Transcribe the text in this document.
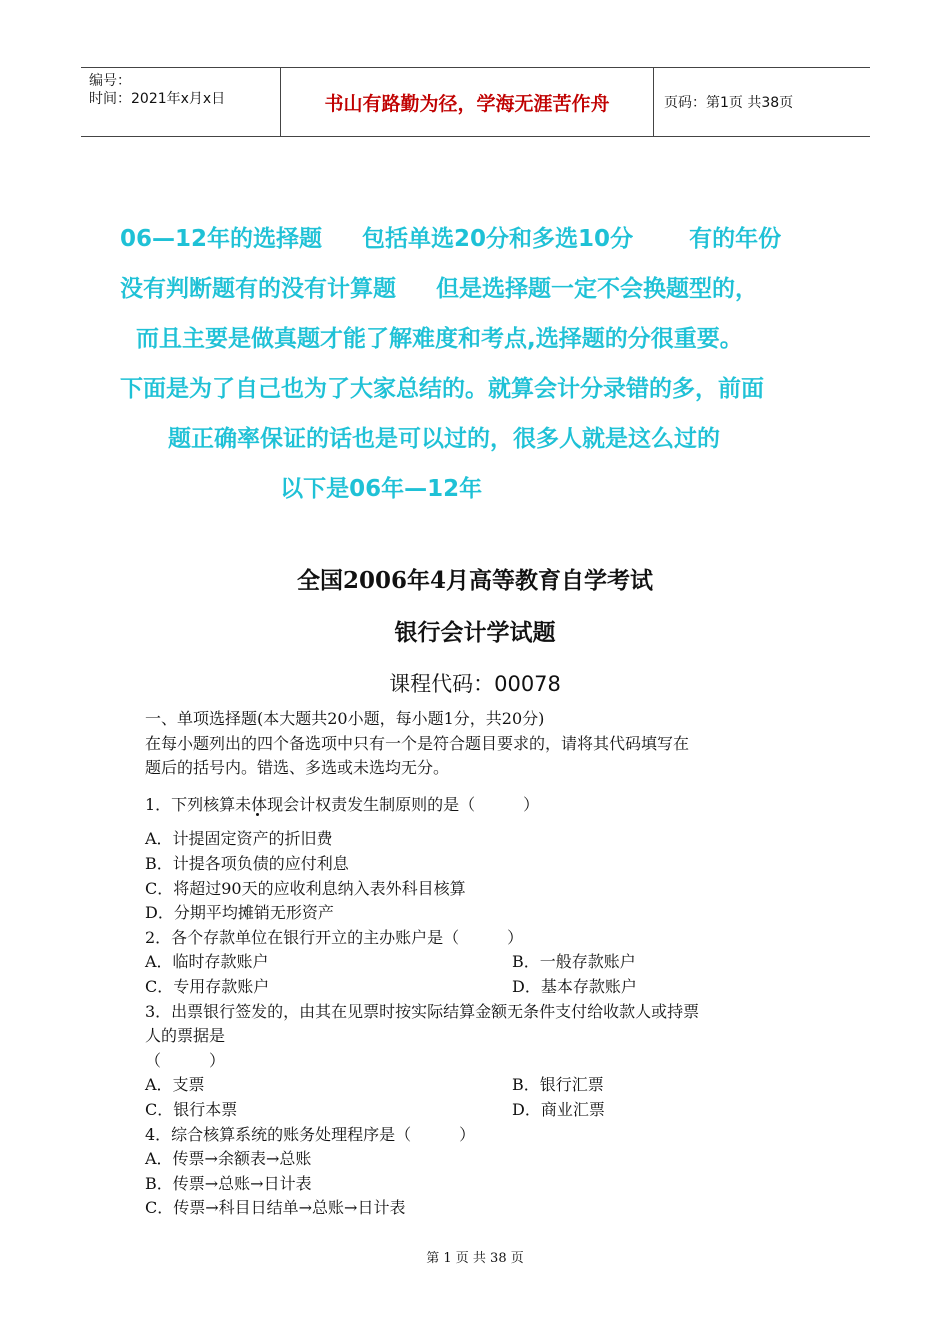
编号：
时间：2021年x月x日	书山有路勤为径，学海无涯苦作舟	页码：第1页 共38页
06—12年的选择题     包括单选20分和多选10分       有的年份
没有判断题有的没有计算题     但是选择题一定不会换题型的，
而且主要是做真题才能了解难度和考点,选择题的分很重要。
下面是为了自己也为了大家总结的。就算会计分录错的多，前面
题正确率保证的话也是可以过的，很多人就是这么过的
以下是06年—12年
全国2006年4月高等教育自学考试
银行会计学试题
课程代码：00078
一、单项选择题(本大题共20小题，每小题1分，共20分)
在每小题列出的四个备选项中只有一个是符合题目要求的，请将其代码填写在
题后的括号内。错选、多选或未选均无分。
1．下列核算未体现会计权责发生制原则的是（　　　）
A．计提固定资产的折旧费
B．计提各项负债的应付利息
C．将超过90天的应收利息纳入表外科目核算
D．分期平均摊销无形资产
2．各个存款单位在银行开立的主办账户是（　　　）
A．临时存款账户	B．一般存款账户
C．专用存款账户	D．基本存款账户
3．出票银行签发的，由其在见票时按实际结算金额无条件支付给收款人或持票
人的票据是
（　　　）
A．支票	B．银行汇票
C．银行本票	D．商业汇票
4．综合核算系统的账务处理程序是（　　　）
A．传票→余额表→总账
B．传票→总账→日计表
C．传票→科目日结单→总账→日计表
第 1 页 共 38 页
